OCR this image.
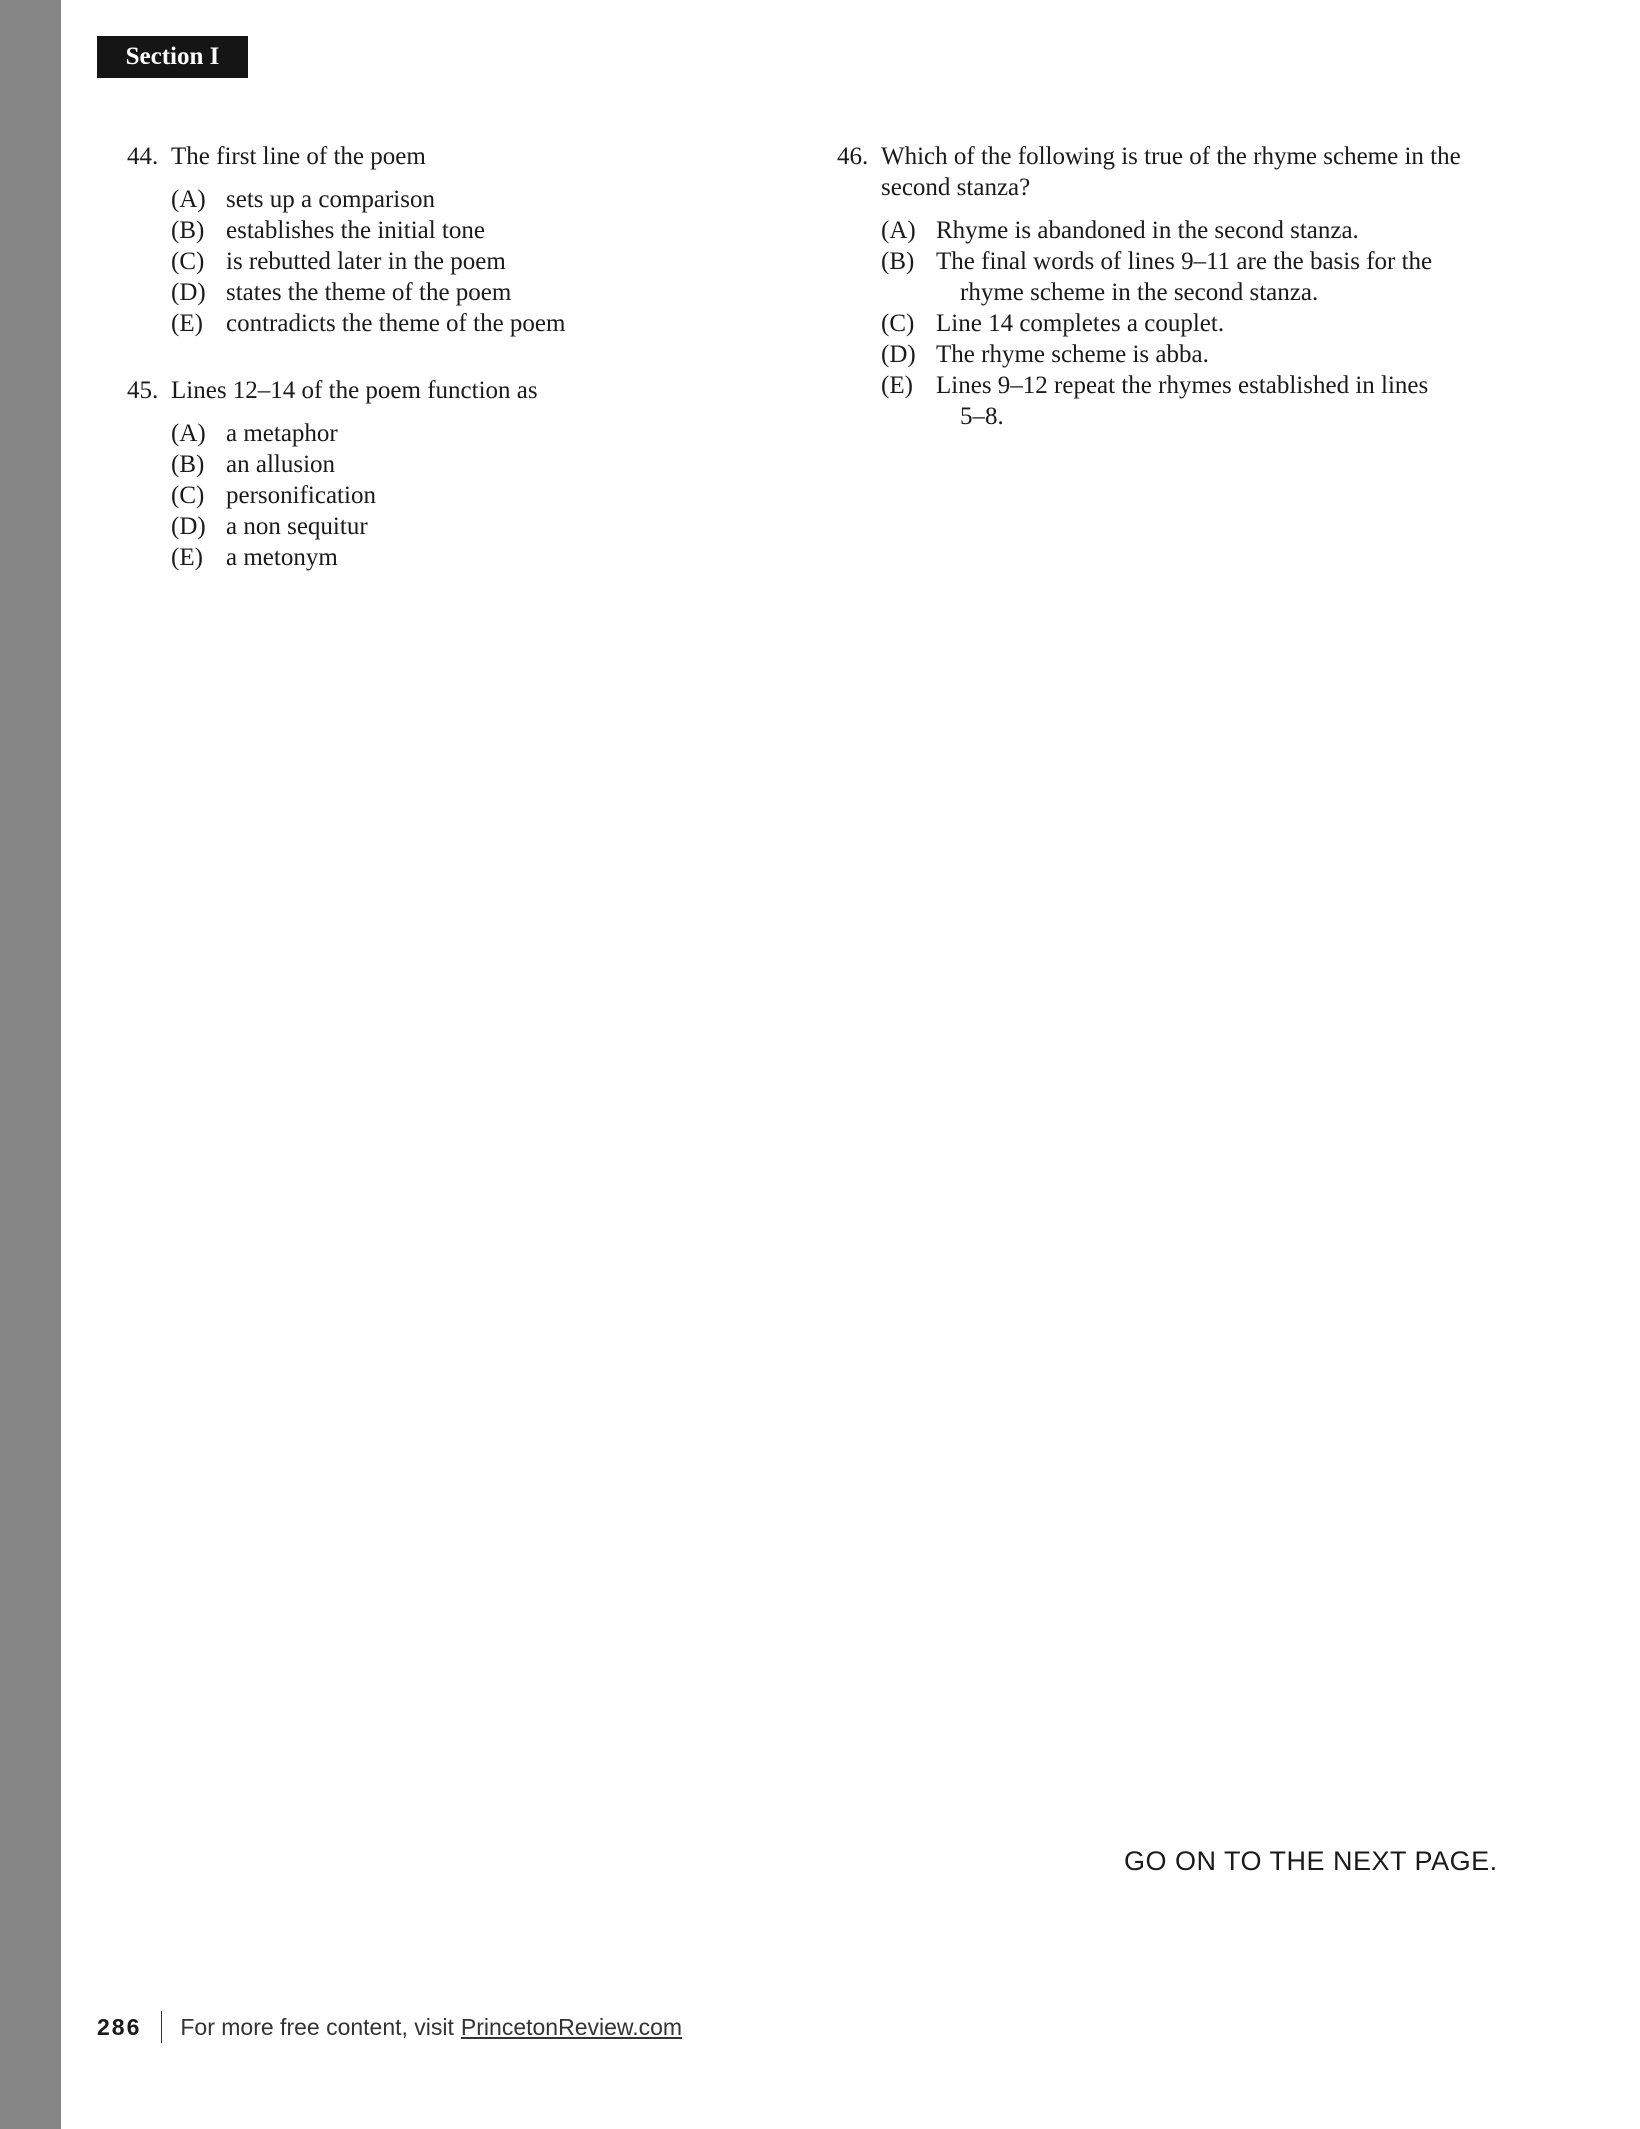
Section I
44. The first line of the poem
(A) sets up a comparison
(B) establishes the initial tone
(C) is rebutted later in the poem
(D) states the theme of the poem
(E) contradicts the theme of the poem
45. Lines 12–14 of the poem function as
(A) a metaphor
(B) an allusion
(C) personification
(D) a non sequitur
(E) a metonym
46. Which of the following is true of the rhyme scheme in the
second stanza?
(A) Rhyme is abandoned in the second stanza.
(B) The final words of lines 9–11 are the basis for the
rhyme scheme in the second stanza.
(C) Line 14 completes a couplet.
(D) The rhyme scheme is abba.
(E) Lines 9–12 repeat the rhymes established in lines
5–8.
GO ON TO THE NEXT PAGE.
286 For more free content, visit PrincetonReview.com
